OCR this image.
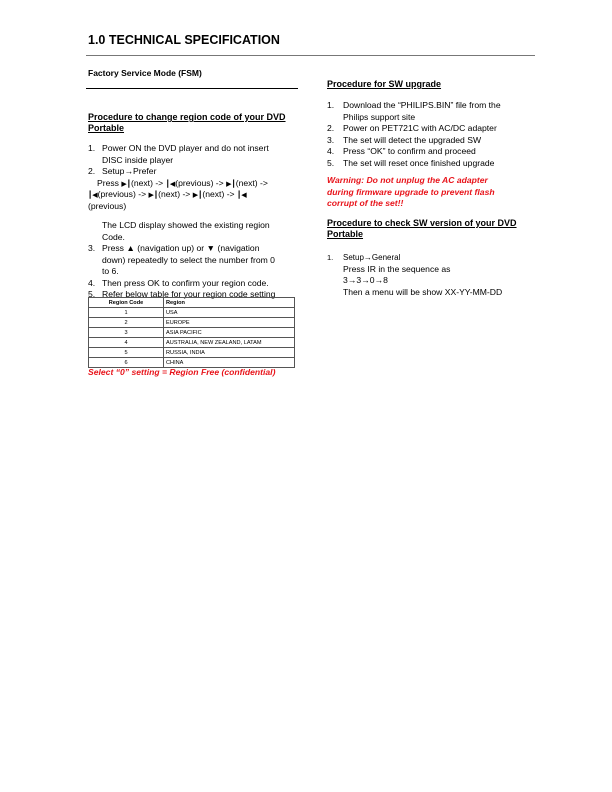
1.0 TECHNICAL SPECIFICATION
Factory Service Mode (FSM)
Procedure to change region code of your DVD
Portable
1. Power ON the DVD player and do not insert
DISC inside player
2. Setup→Prefer
Press ▶┃(next) -> ┃◀(previous) -> ▶┃(next) ->
┃◀(previous) -> ▶┃(next) -> ▶┃(next) -> ┃◀
(previous)
The LCD display showed the existing region
Code.
3. Press ▲ (navigation up) or ▼ (navigation
down) repeatedly to select the number from 0
to 6.
4. Then press OK to confirm your region code.
5. Refer below table for your region code setting
Region Code	Region
1	USA
2	EUROPE
3	ASIA PACIFIC
4	AUSTRALIA, NEW ZEALAND, LATAM
5	RUSSIA, INDIA
6	CHINA
Select “0” setting = Region Free (confidential)
Procedure for SW upgrade
1. Download the “PHILIPS.BIN” file from the
Philips support site
2. Power on PET721C with AC/DC adapter
3. The set will detect the upgraded SW
4. Press “OK” to confirm and proceed
5. The set will reset once finished upgrade
Warning: Do not unplug the AC adapter
during firmware upgrade to prevent flash
corrupt of the set!!
Procedure to check SW version of your DVD
Portable
1. Setup→General
Press IR in the sequence as
3→3→0→8
Then a menu will be show XX-YY-MM-DD
